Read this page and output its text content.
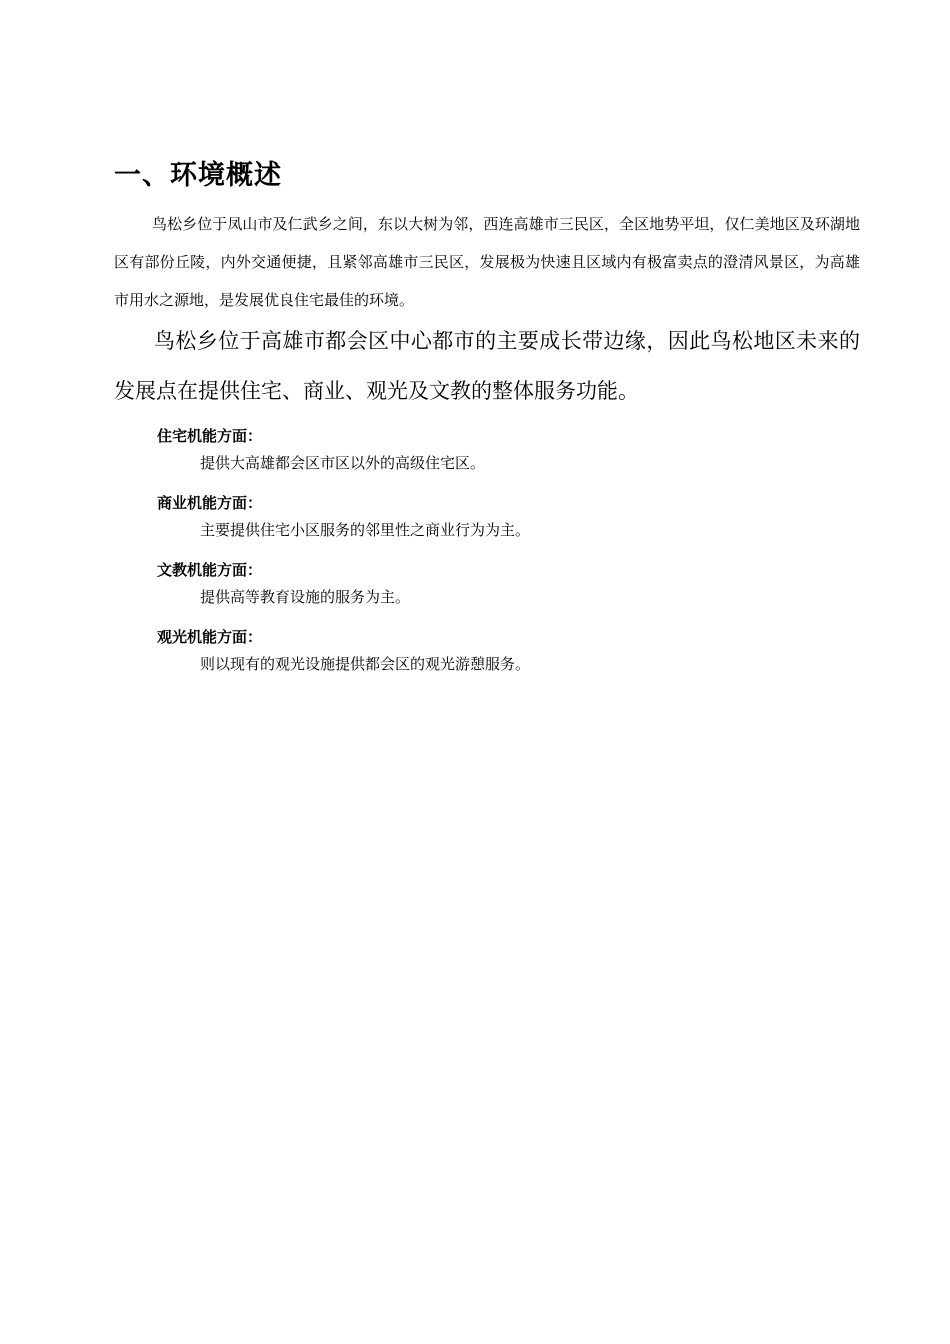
一、环境概述

鸟松乡位于凤山市及仁武乡之间，东以大树为邻，西连高雄市三民区，全区地势平坦，仅仁美地区及环湖地区有部份丘陵，内外交通便捷，且紧邻高雄市三民区，发展极为快速且区域内有极富卖点的澄清风景区，为高雄市用水之源地，是发展优良住宅最佳的环境。

鸟松乡位于高雄市都会区中心都市的主要成长带边缘，因此鸟松地区未来的发展点在提供住宅、商业、观光及文教的整体服务功能。

住宅机能方面：
提供大高雄都会区市区以外的高级住宅区。
商业机能方面：
主要提供住宅小区服务的邻里性之商业行为为主。
文教机能方面：
提供高等教育设施的服务为主。
观光机能方面：
则以现有的观光设施提供都会区的观光游憩服务。
